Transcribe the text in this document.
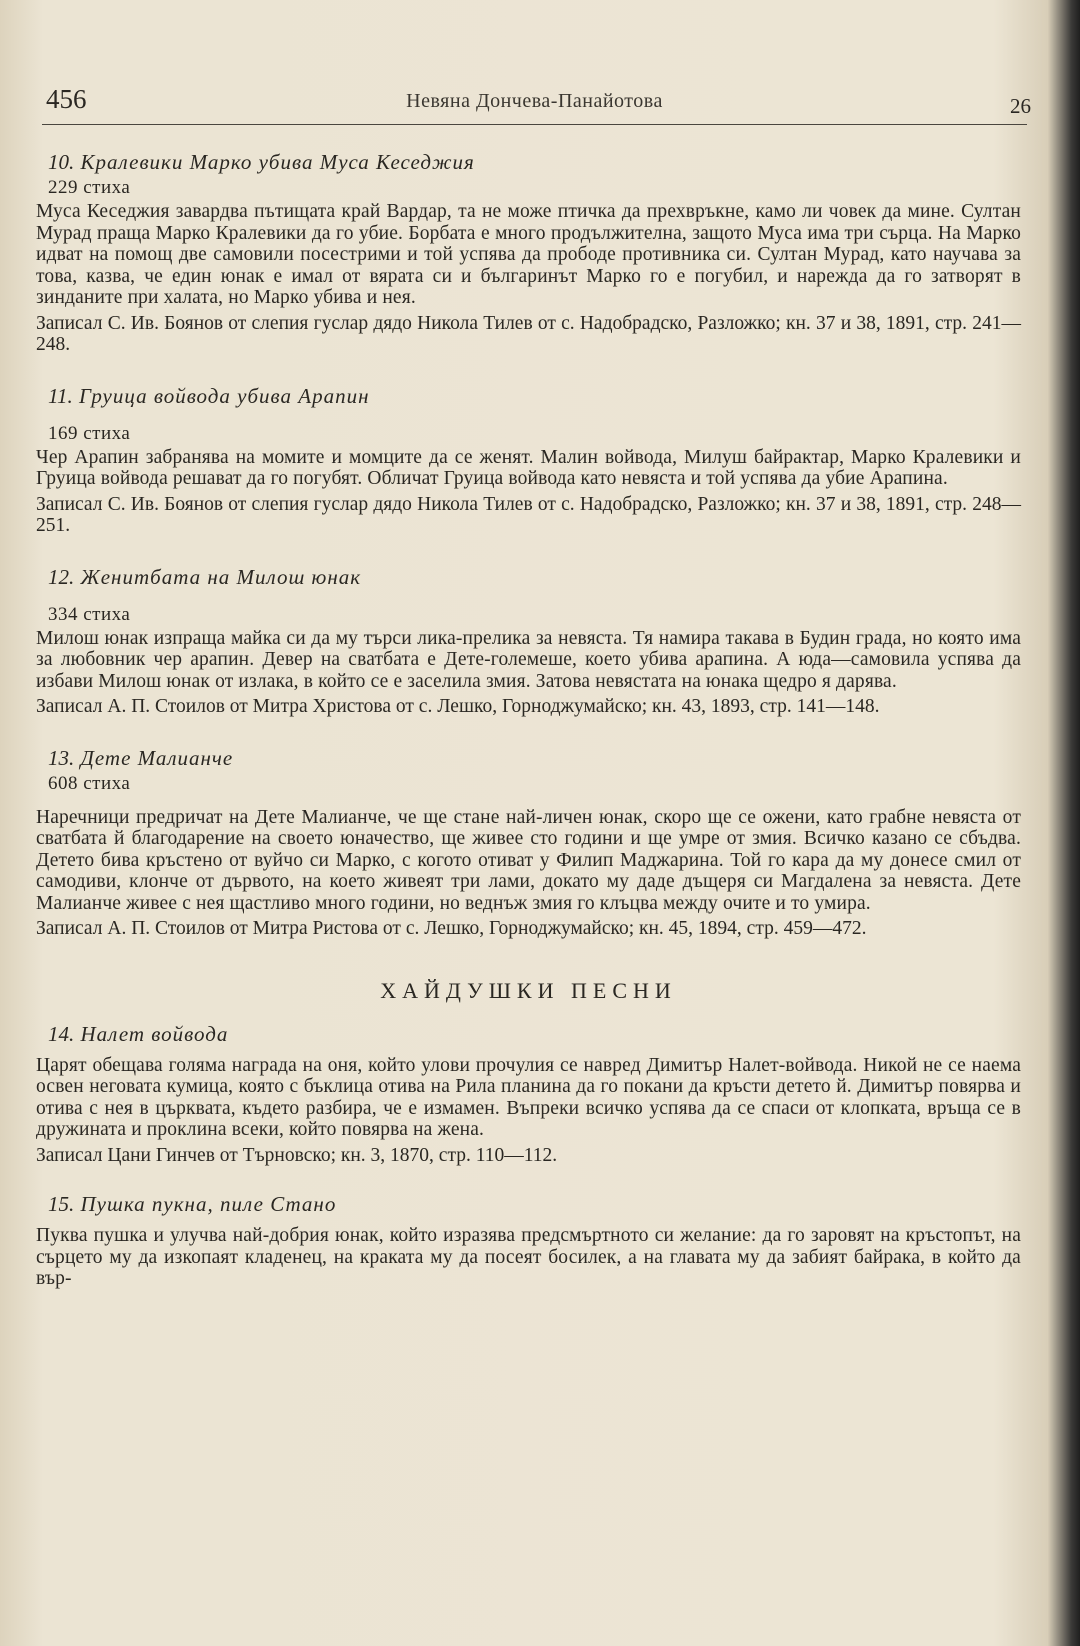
456	Невяна Дончева-Панайотова	26
10. Кралевики Марко убива Муса Кеседжия
229 стиха

Муса Кеседжия завардва пътищата край Вардар, та не може птичка да прехвръкне, камо ли човек да мине. Султан Мурад праща Марко Кралевики да го убие. Борбата е много продължителна, защото Муса има три сърца. На Марко идват на помощ две самовили посестрими и той успява да прободе противника си. Султан Мурад, като научава за това, казва, че един юнак е имал от вярата си и българинът Марко го е погубил, и нарежда да го затворят в зинданите при халата, но Марко убива и нея.

Записал С. Ив. Боянов от слепия гуслар дядо Никола Тилев от с. Надобрадско, Разложко; кн. 37 и 38, 1891, стр. 241—248.

11. Груица войвода убива Арапин
169 стиха

Чер Арапин забранява на момите и момците да се женят. Малин войвода, Милуш байрактар, Марко Кралевики и Груица войвода решават да го погубят. Обличат Груица войвода като невяста и той успява да убие Арапина.

Записал С. Ив. Боянов от слепия гуслар дядо Никола Тилев от с. Надобрадско, Разложко; кн. 37 и 38, 1891, стр. 248—251.

12. Женитбата на Милош юнак
334 стиха

Милош юнак изпраща майка си да му търси лика-прелика за невяста. Тя намира такава в Будин града, но която има за любовник чер арапин. Девер на сватбата е Дете-големеше, което убива арапина. А юда—самовила успява да избави Милош юнак от излака, в който се е заселила змия. Затова невястата на юнака щедро я дарява.

Записал А. П. Стоилов от Митра Христова от с. Лешко, Горноджумайско; кн. 43, 1893, стр. 141—148.

13. Дете Малианче
608 стиха

Наречници предричат на Дете Малианче, че ще стане най-личен юнак, скоро ще се ожени, като грабне невяста от сватбата й благодарение на своето юначество, ще живее сто години и ще умре от змия. Всичко казано се сбъдва. Детето бива кръстено от вуйчо си Марко, с когото отиват у Филип Маджарина. Той го кара да му донесе смил от самодиви, клонче от дървото, на което живеят три лами, докато му даде дъщеря си Магдалена за невяста. Дете Малианче живее с нея щастливо много години, но веднъж змия го клъцва между очите и то умира.

Записал А. П. Стоилов от Митра Ристова от с. Лешко, Горноджумайско; кн. 45, 1894, стр. 459—472.

ХАЙДУШКИ ПЕСНИ
14. Налет войвода

Царят обещава голяма награда на оня, който улови прочулия се навред Димитър Налет-войвода. Никой не се наема освен неговата кумица, която с бъклица отива на Рила планина да го покани да кръсти детето й. Димитър повярва и отива с нея в църквата, където разбира, че е измамен. Въпреки всичко успява да се спаси от клопката, връща се в дружината и проклина всеки, който повярва на жена.

Записал Цани Гинчев от Търновско; кн. 3, 1870, стр. 110—112.

15. Пушка пукна, пиле Стано

Пуква пушка и улучва най-добрия юнак, който изразява предсмъртното си желание: да го заровят на кръстопът, на сърцето му да изкопаят кладенец, на краката му да посеят босилек, а на главата му да забият байрака, в който да вър-
